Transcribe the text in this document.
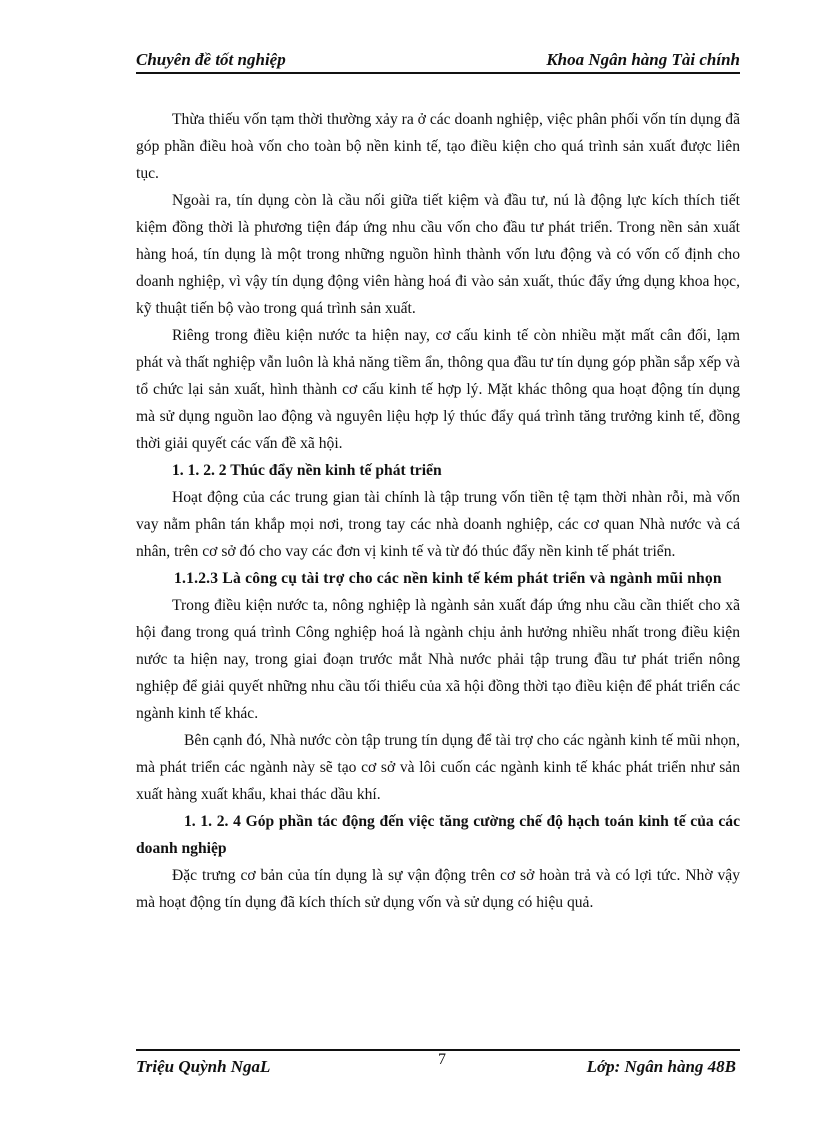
Chuyên đề tốt nghiệp	Khoa Ngân hàng Tài chính

Thừa thiếu vốn tạm thời thường xảy ra ở các doanh nghiệp, việc phân phối vốn tín dụng đã góp phần điều hoà vốn cho toàn bộ nền kinh tế, tạo điều kiện cho quá trình sản xuất được liên tục.

Ngoài ra, tín dụng còn là cầu nối giữa tiết kiệm và đầu tư, nú là động lực kích thích tiết kiệm đồng thời là phương tiện đáp ứng nhu cầu vốn cho đầu tư phát triển. Trong nền sản xuất hàng hoá, tín dụng là một trong những nguồn hình thành vốn lưu động và có vốn cố định cho doanh nghiệp, vì vậy tín dụng động viên hàng hoá đi vào sản xuất, thúc đẩy ứng dụng khoa học, kỹ thuật tiến bộ vào trong quá trình sản xuất.

Riêng trong điều kiện nước ta hiện nay, cơ cấu kinh tế còn nhiều mặt mất cân đối, lạm phát và thất nghiệp vẫn luôn là khả năng tiềm ẩn, thông qua đầu tư tín dụng góp phần sắp xếp và tổ chức lại sản xuất, hình thành cơ cấu kinh tế hợp lý. Mặt khác thông qua hoạt động tín dụng mà sử dụng nguồn lao động và nguyên liệu hợp lý thúc đẩy quá trình tăng trưởng kinh tế, đồng thời giải quyết các vấn đề xã hội.

1. 1. 2. 2 Thúc đẩy nền kinh tế phát triển

Hoạt động của các trung gian tài chính là tập trung vốn tiền tệ tạm thời nhàn rỗi, mà vốn vay nằm phân tán khắp mọi nơi, trong tay các nhà doanh nghiệp, các cơ quan Nhà nước và cá nhân, trên cơ sở đó cho vay các đơn vị kinh tế và từ đó thúc đẩy nền kinh tế phát triển.

1.1.2.3 Là công cụ tài trợ cho các nền kinh tế kém phát triển và ngành mũi nhọn

Trong điều kiện nước ta, nông nghiệp là ngành sản xuất đáp ứng nhu cầu cần thiết cho xã hội đang trong quá trình Công nghiệp hoá là ngành chịu ảnh hưởng nhiều nhất trong điều kiện nước ta hiện nay, trong giai đoạn trước mắt Nhà nước phải tập trung đầu tư phát triển nông nghiệp để giải quyết những nhu cầu tối thiểu của xã hội đồng thời tạo điều kiện để phát triển các ngành kinh tế khác.

Bên cạnh đó, Nhà nước còn tập trung tín dụng để tài trợ cho các ngành kinh tế mũi nhọn, mà phát triển các ngành này sẽ tạo cơ sở và lôi cuốn các ngành kinh tế khác phát triển như sản xuất hàng xuất khẩu, khai thác dầu khí.

1. 1. 2. 4 Góp phần tác động đến việc tăng cường chế độ hạch toán kinh tế của các doanh nghiệp

Đặc trưng cơ bản của tín dụng là sự vận động trên cơ sở hoàn trả và có lợi tức. Nhờ vậy mà hoạt động tín dụng đã kích thích sử dụng vốn và sử dụng có hiệu quả.

Triệu Quỳnh NgaL	7	Lớp: Ngân hàng 48B
